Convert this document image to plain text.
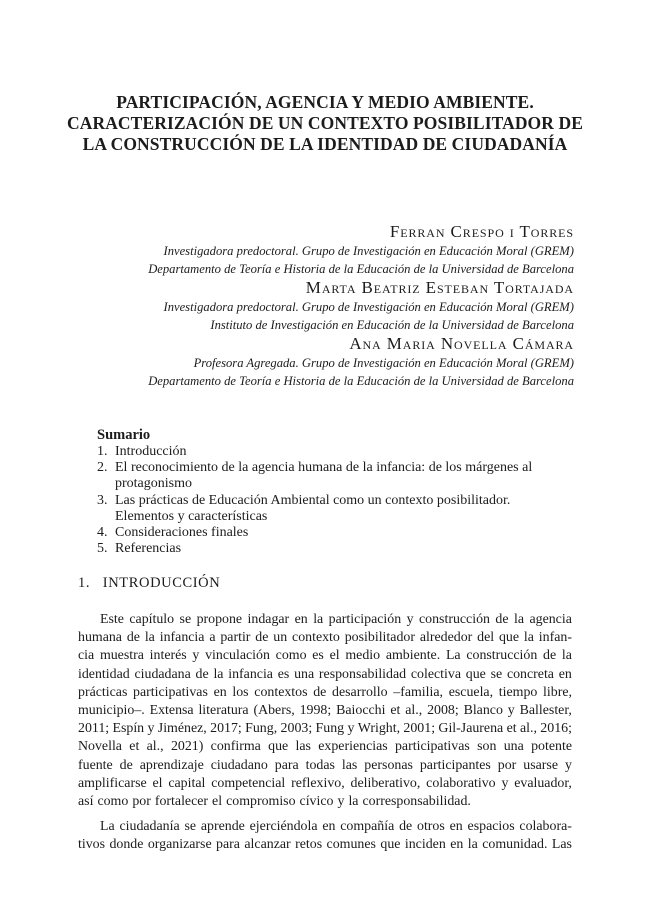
PARTICIPACIÓN, AGENCIA Y MEDIO AMBIENTE.
CARACTERIZACIÓN DE UN CONTEXTO POSIBILITADOR DE
LA CONSTRUCCIÓN DE LA IDENTIDAD DE CIUDADANÍA
Ferran Crespo i Torres
Investigadora predoctoral. Grupo de Investigación en Educación Moral (GREM)
Departamento de Teoría e Historia de la Educación de la Universidad de Barcelona
Marta Beatriz Esteban Tortajada
Investigadora predoctoral. Grupo de Investigación en Educación Moral (GREM)
Instituto de Investigación en Educación de la Universidad de Barcelona
Ana Maria Novella Cámara
Profesora Agregada. Grupo de Investigación en Educación Moral (GREM)
Departamento de Teoría e Historia de la Educación de la Universidad de Barcelona
Sumario
1. Introducción
2. El reconocimiento de la agencia humana de la infancia: de los márgenes al
protagonismo
3. Las prácticas de Educación Ambiental como un contexto posibilitador.
Elementos y características
4. Consideraciones finales
5. Referencias
1. INTRODUCCIÓN
Este capítulo se propone indagar en la participación y construcción de la agencia
humana de la infancia a partir de un contexto posibilitador alrededor del que la infan-
cia muestra interés y vinculación como es el medio ambiente. La construcción de la
identidad ciudadana de la infancia es una responsabilidad colectiva que se concreta en
prácticas participativas en los contextos de desarrollo –familia, escuela, tiempo libre,
municipio–. Extensa literatura (Abers, 1998; Baiocchi et al., 2008; Blanco y Ballester,
2011; Espín y Jiménez, 2017; Fung, 2003; Fung y Wright, 2001; Gil-Jaurena et al., 2016;
Novella et al., 2021) confirma que las experiencias participativas son una potente
fuente de aprendizaje ciudadano para todas las personas participantes por usarse y
amplificarse el capital competencial reflexivo, deliberativo, colaborativo y evaluador,
así como por fortalecer el compromiso cívico y la corresponsabilidad.
La ciudadanía se aprende ejerciéndola en compañía de otros en espacios colabora-
tivos donde organizarse para alcanzar retos comunes que inciden en la comunidad. Las
